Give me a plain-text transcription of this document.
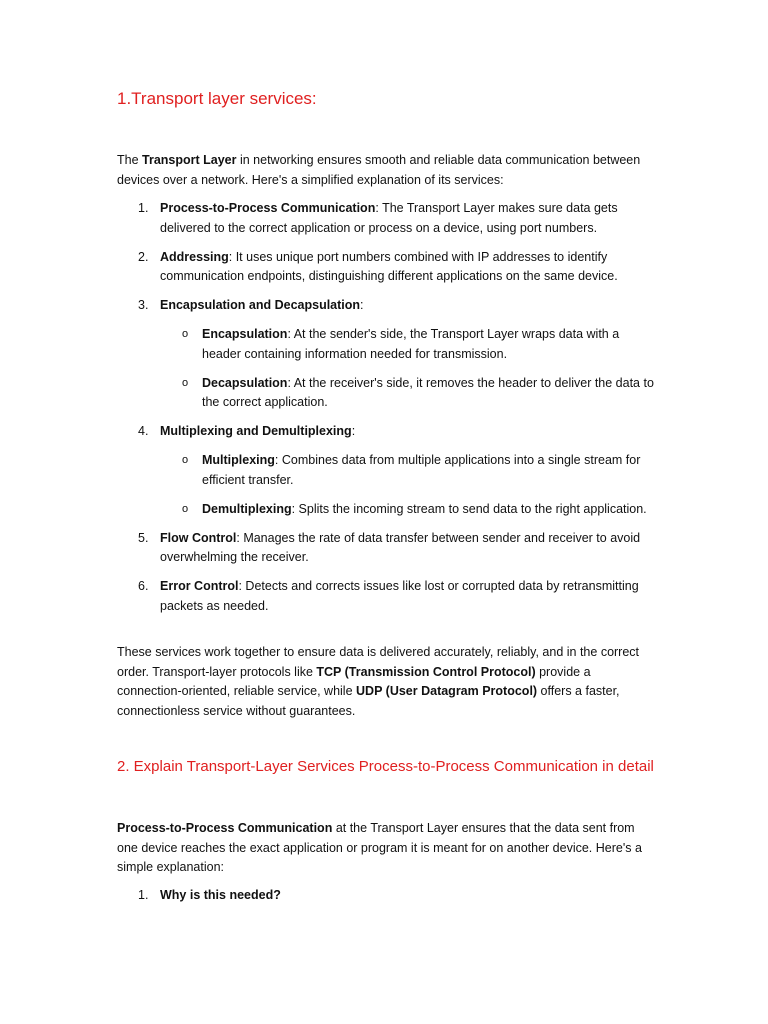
1.Transport layer services:

The Transport Layer in networking ensures smooth and reliable data communication between devices over a network. Here's a simplified explanation of its services:

1. Process-to-Process Communication: The Transport Layer makes sure data gets delivered to the correct application or process on a device, using port numbers.
2. Addressing: It uses unique port numbers combined with IP addresses to identify communication endpoints, distinguishing different applications on the same device.
3. Encapsulation and Decapsulation:
o Encapsulation: At the sender's side, the Transport Layer wraps data with a header containing information needed for transmission.
o Decapsulation: At the receiver's side, it removes the header to deliver the data to the correct application.
4. Multiplexing and Demultiplexing:
o Multiplexing: Combines data from multiple applications into a single stream for efficient transfer.
o Demultiplexing: Splits the incoming stream to send data to the right application.
5. Flow Control: Manages the rate of data transfer between sender and receiver to avoid overwhelming the receiver.
6. Error Control: Detects and corrects issues like lost or corrupted data by retransmitting packets as needed.

These services work together to ensure data is delivered accurately, reliably, and in the correct order. Transport-layer protocols like TCP (Transmission Control Protocol) provide a connection-oriented, reliable service, while UDP (User Datagram Protocol) offers a faster, connectionless service without guarantees.

2. Explain Transport-Layer Services Process-to-Process Communication in detail

Process-to-Process Communication at the Transport Layer ensures that the data sent from one device reaches the exact application or program it is meant for on another device. Here's a simple explanation:

1. Why is this needed?
